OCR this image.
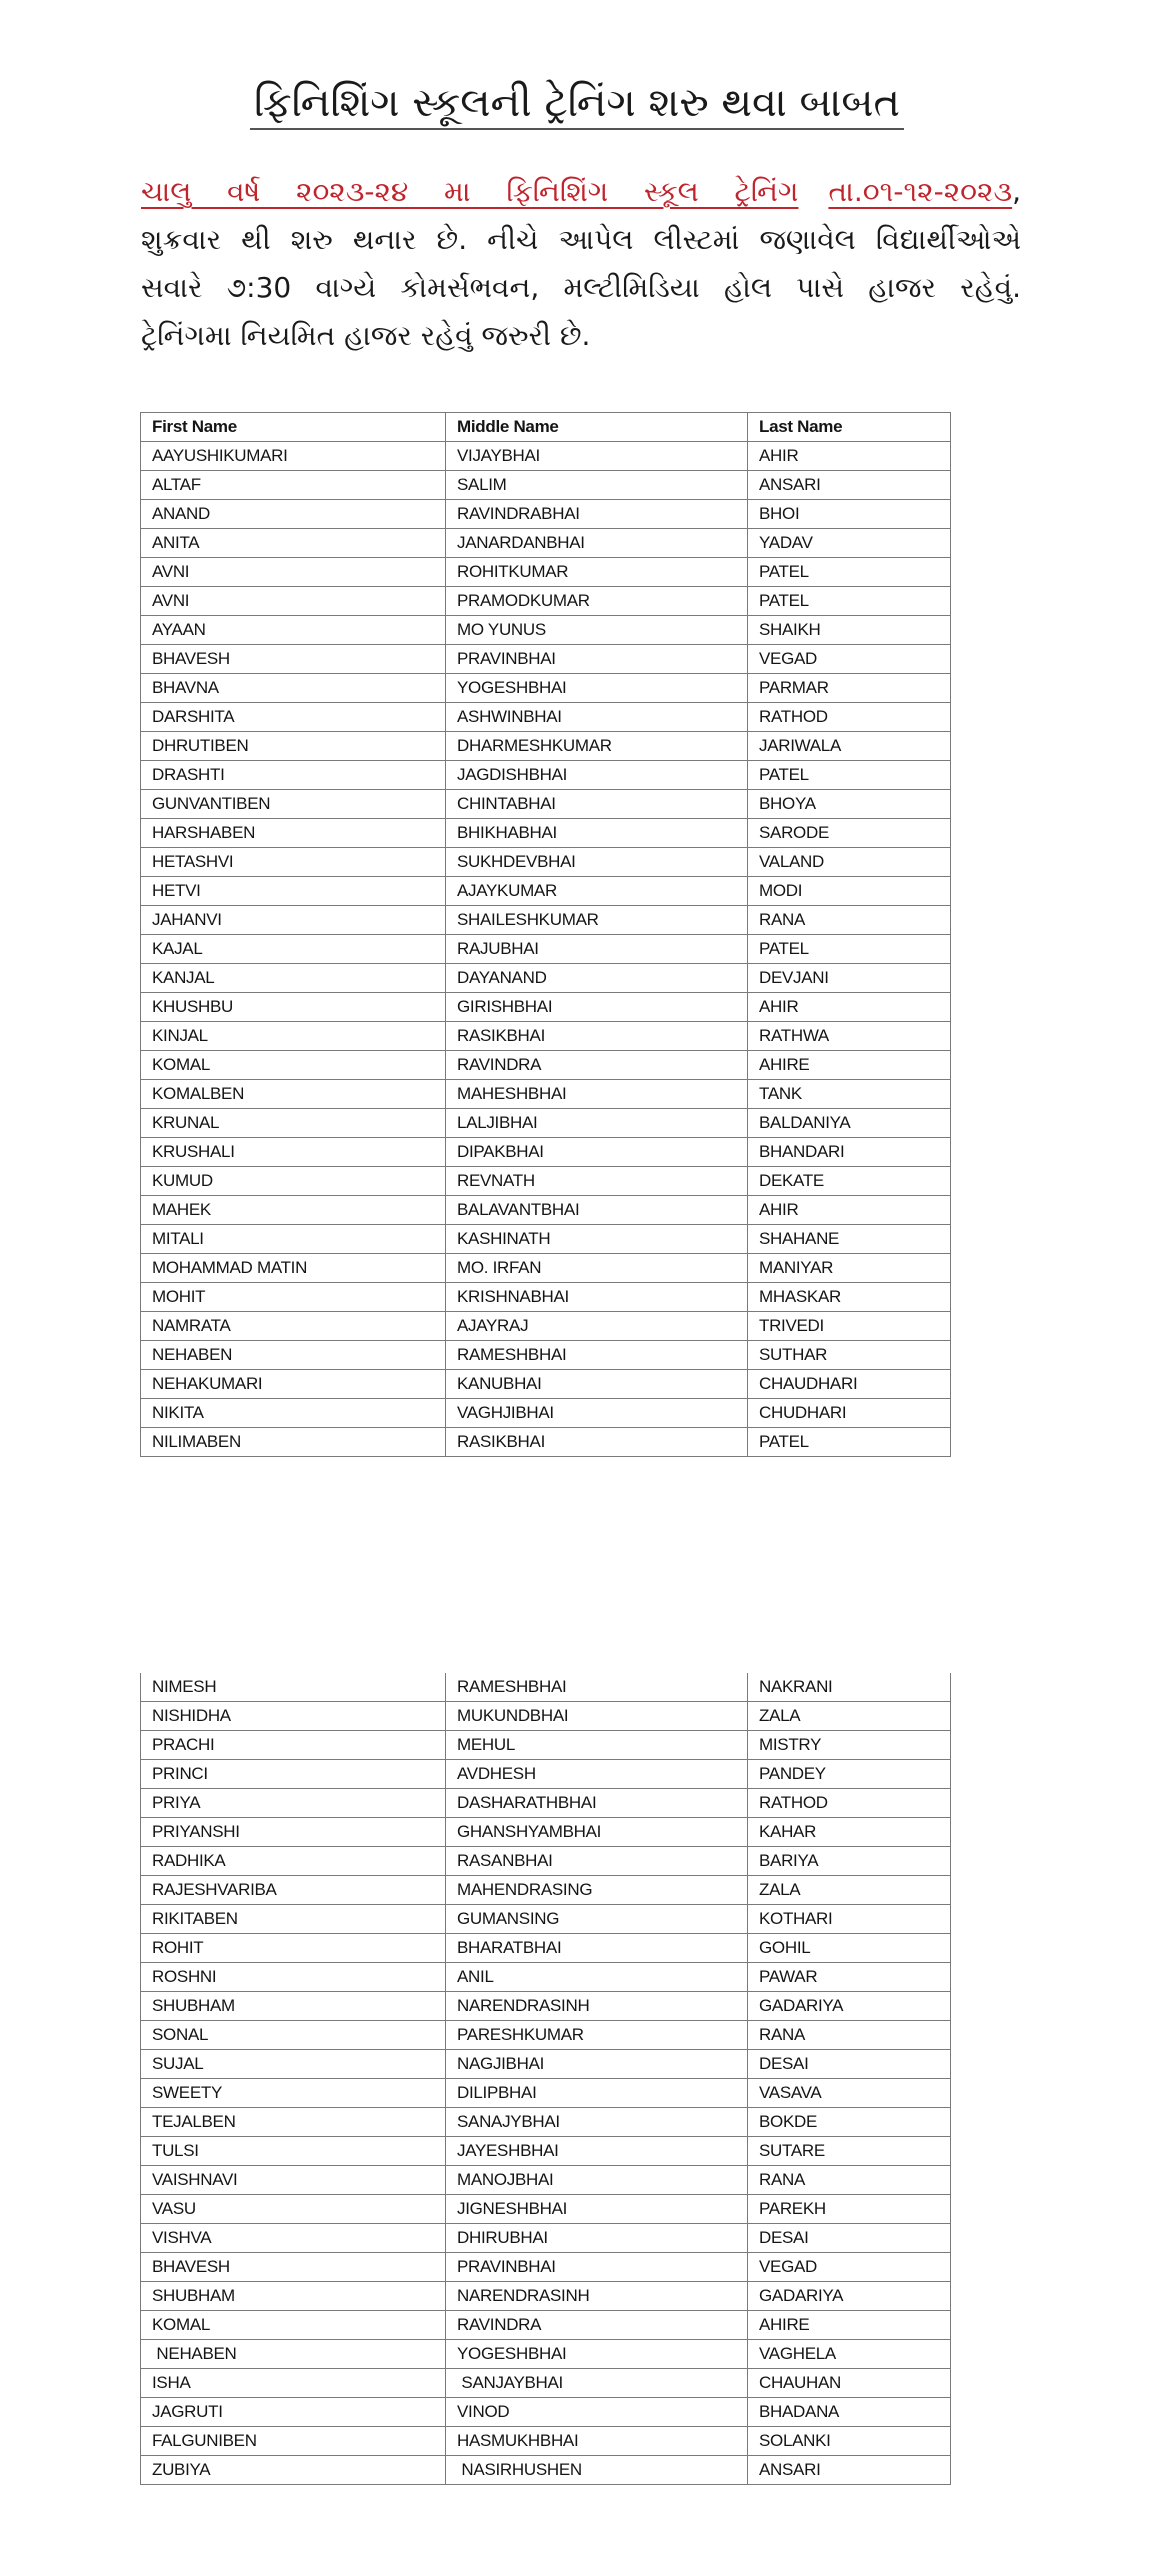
ફિનિશિંગ સ્કૂલની ટ્રેનિંગ શરુ થવા બાબત
ચાલુ વર્ષ ૨૦૨૩-૨૪ મા ફિનિશિંગ સ્કૂલ ટ્રેનિંગ તા.૦૧-૧૨-૨૦૨૩,
શુક્રવાર થી શરુ થનાર છે. નીચે આપેલ લીસ્ટમાં જણાવેલ વિદ્યાર્થીઓએ
સવારે ૭:30 વાગ્યે કોમર્સભવન, મલ્ટીમિડિયા હોલ પાસે હાજર રહેવું.
ટ્રેનિંગમા નિયમિત હાજર રહેવું જરુરી છે.
First Name	Middle Name	Last Name
AAYUSHIKUMARI	VIJAYBHAI	AHIR
ALTAF	SALIM	ANSARI
ANAND	RAVINDRABHAI	BHOI
ANITA	JANARDANBHAI	YADAV
AVNI	ROHITKUMAR	PATEL
AVNI	PRAMODKUMAR	PATEL
AYAAN	MO YUNUS	SHAIKH
BHAVESH	PRAVINBHAI	VEGAD
BHAVNA	YOGESHBHAI	PARMAR
DARSHITA	ASHWINBHAI	RATHOD
DHRUTIBEN	DHARMESHKUMAR	JARIWALA
DRASHTI	JAGDISHBHAI	PATEL
GUNVANTIBEN	CHINTABHAI	BHOYA
HARSHABEN	BHIKHABHAI	SARODE
HETASHVI	SUKHDEVBHAI	VALAND
HETVI	AJAYKUMAR	MODI
JAHANVI	SHAILESHKUMAR	RANA
KAJAL	RAJUBHAI	PATEL
KANJAL	DAYANAND	DEVJANI
KHUSHBU	GIRISHBHAI	AHIR
KINJAL	RASIKBHAI	RATHWA
KOMAL	RAVINDRA	AHIRE
KOMALBEN	MAHESHBHAI	TANK
KRUNAL	LALJIBHAI	BALDANIYA
KRUSHALI	DIPAKBHAI	BHANDARI
KUMUD	REVNATH	DEKATE
MAHEK	BALAVANTBHAI	AHIR
MITALI	KASHINATH	SHAHANE
MOHAMMAD MATIN	MO. IRFAN	MANIYAR
MOHIT	KRISHNABHAI	MHASKAR
NAMRATA	AJAYRAJ	TRIVEDI
NEHABEN	RAMESHBHAI	SUTHAR
NEHAKUMARI	KANUBHAI	CHAUDHARI
NIKITA	VAGHJIBHAI	CHUDHARI
NILIMABEN	RASIKBHAI	PATEL
NIMESH	RAMESHBHAI	NAKRANI
NISHIDHA	MUKUNDBHAI	ZALA
PRACHI	MEHUL	MISTRY
PRINCI	AVDHESH	PANDEY
PRIYA	DASHARATHBHAI	RATHOD
PRIYANSHI	GHANSHYAMBHAI	KAHAR
RADHIKA	RASANBHAI	BARIYA
RAJESHVARIBA	MAHENDRASING	ZALA
RIKITABEN	GUMANSING	KOTHARI
ROHIT	BHARATBHAI	GOHIL
ROSHNI	ANIL	PAWAR
SHUBHAM	NARENDRASINH	GADARIYA
SONAL	PARESHKUMAR	RANA
SUJAL	NAGJIBHAI	DESAI
SWEETY	DILIPBHAI	VASAVA
TEJALBEN	SANAJYBHAI	BOKDE
TULSI	JAYESHBHAI	SUTARE
VAISHNAVI	MANOJBHAI	RANA
VASU	JIGNESHBHAI	PAREKH
VISHVA	DHIRUBHAI	DESAI
BHAVESH	PRAVINBHAI	VEGAD
SHUBHAM	NARENDRASINH	GADARIYA
KOMAL	RAVINDRA	AHIRE
NEHABEN	YOGESHBHAI	VAGHELA
ISHA	SANJAYBHAI	CHAUHAN
JAGRUTI	VINOD	BHADANA
FALGUNIBEN	HASMUKHBHAI	SOLANKI
ZUBIYA	NASIRHUSHEN	ANSARI
